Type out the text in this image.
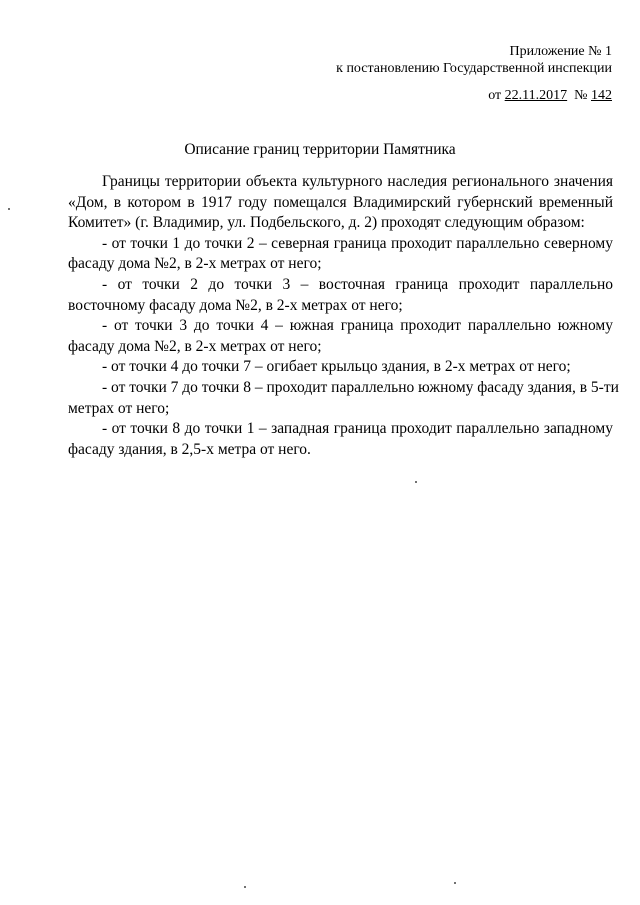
Приложение № 1
к постановлению Государственной инспекции
от 22.11.2017  № 142
Описание границ территории Памятника
Границы территории объекта культурного наследия регионального значения
«Дом, в котором в 1917 году помещался Владимирский губернский временный
Комитет» (г. Владимир, ул. Подбельского, д. 2) проходят следующим образом:
- от точки 1 до точки 2 – северная граница проходит параллельно северному
фасаду дома №2, в 2-х метрах от него;
- от точки 2 до точки 3 – восточная граница проходит параллельно
восточному фасаду дома №2, в 2-х метрах от него;
- от точки 3 до точки 4 – южная граница проходит параллельно южному
фасаду дома №2, в 2-х метрах от него;
- от точки 4 до точки 7 – огибает крыльцо здания, в 2-х метрах от него;
- от точки 7 до точки 8 – проходит параллельно южному фасаду здания, в 5-ти
метрах от него;
- от точки 8 до точки 1 – западная граница проходит параллельно западному
фасаду здания, в 2,5-х метра от него.
